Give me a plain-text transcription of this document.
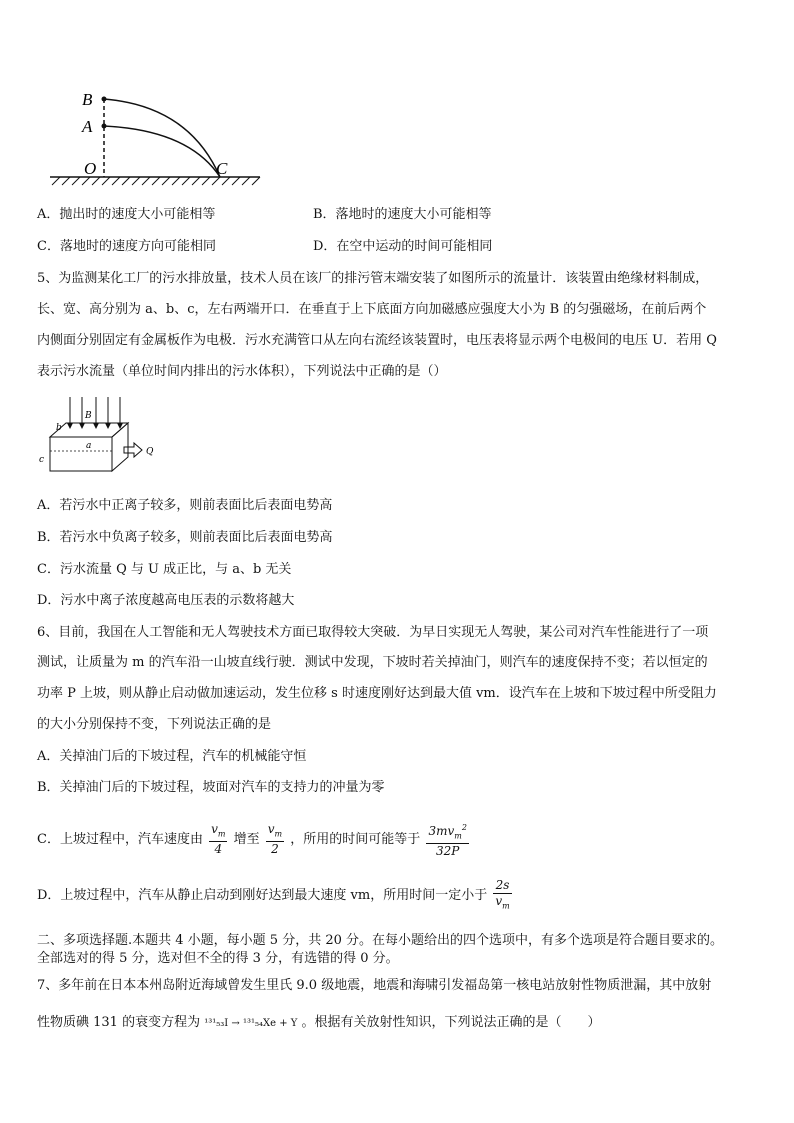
B
A
O	C
A．抛出时的速度大小可能相等	B．落地时的速度大小可能相等
C．落地时的速度方向可能相同	D．在空中运动的时间可能相同
5、为监测某化工厂的污水排放量，技术人员在该厂的排污管末端安装了如图所示的流量计．该装置由绝缘材料制成，
长、宽、高分别为 a、b、c，左右两端开口．在垂直于上下底面方向加磁感应强度大小为 B 的匀强磁场，在前后两个
内侧面分别固定有金属板作为电极．污水充满管口从左向右流经该装置时，电压表将显示两个电极间的电压 U．若用 Q
表示污水流量（单位时间内排出的污水体积），下列说法中正确的是（）
b
B
a
c
Q
A．若污水中正离子较多，则前表面比后表面电势高
B．若污水中负离子较多，则前表面比后表面电势高
C．污水流量 Q 与 U 成正比，与 a、b 无关
D．污水中离子浓度越高电压表的示数将越大
6、目前，我国在人工智能和无人驾驶技术方面已取得较大突破．为早日实现无人驾驶，某公司对汽车性能进行了一项
测试，让质量为 m 的汽车沿一山坡直线行驶．测试中发现，下坡时若关掉油门，则汽车的速度保持不变；若以恒定的
功率 P 上坡，则从静止启动做加速运动，发生位移 s 时速度刚好达到最大值 vm．设汽车在上坡和下坡过程中所受阻力
的大小分别保持不变，下列说法正确的是
A．关掉油门后的下坡过程，汽车的机械能守恒
B．关掉油门后的下坡过程，坡面对汽车的支持力的冲量为零
C．上坡过程中，汽车速度由 $\frac{v_m}{4}$ 增至 $\frac{v_m}{2}$ ，所用的时间可能等于 $\frac{3mv_m^2}{32P}$
D．上坡过程中，汽车从静止启动到刚好达到最大速度 vm，所用时间一定小于 $\frac{2s}{v_m}$
二、多项选择题.本题共 4 小题，每小题 5 分，共 20 分。在每小题给出的四个选项中，有多个选项是符合题目要求的。
全部选对的得 5 分，选对但不全的得 3 分，有选错的得 0 分。
7、多年前在日本本州岛附近海域曾发生里氏 9.0 级地震，地震和海啸引发福岛第一核电站放射性物质泄漏，其中放射
性物质碘 131 的衰变方程为 ¹³¹₅₃I → ¹³¹₅₄Xe + Y 。根据有关放射性知识，下列说法正确的是（　　）
